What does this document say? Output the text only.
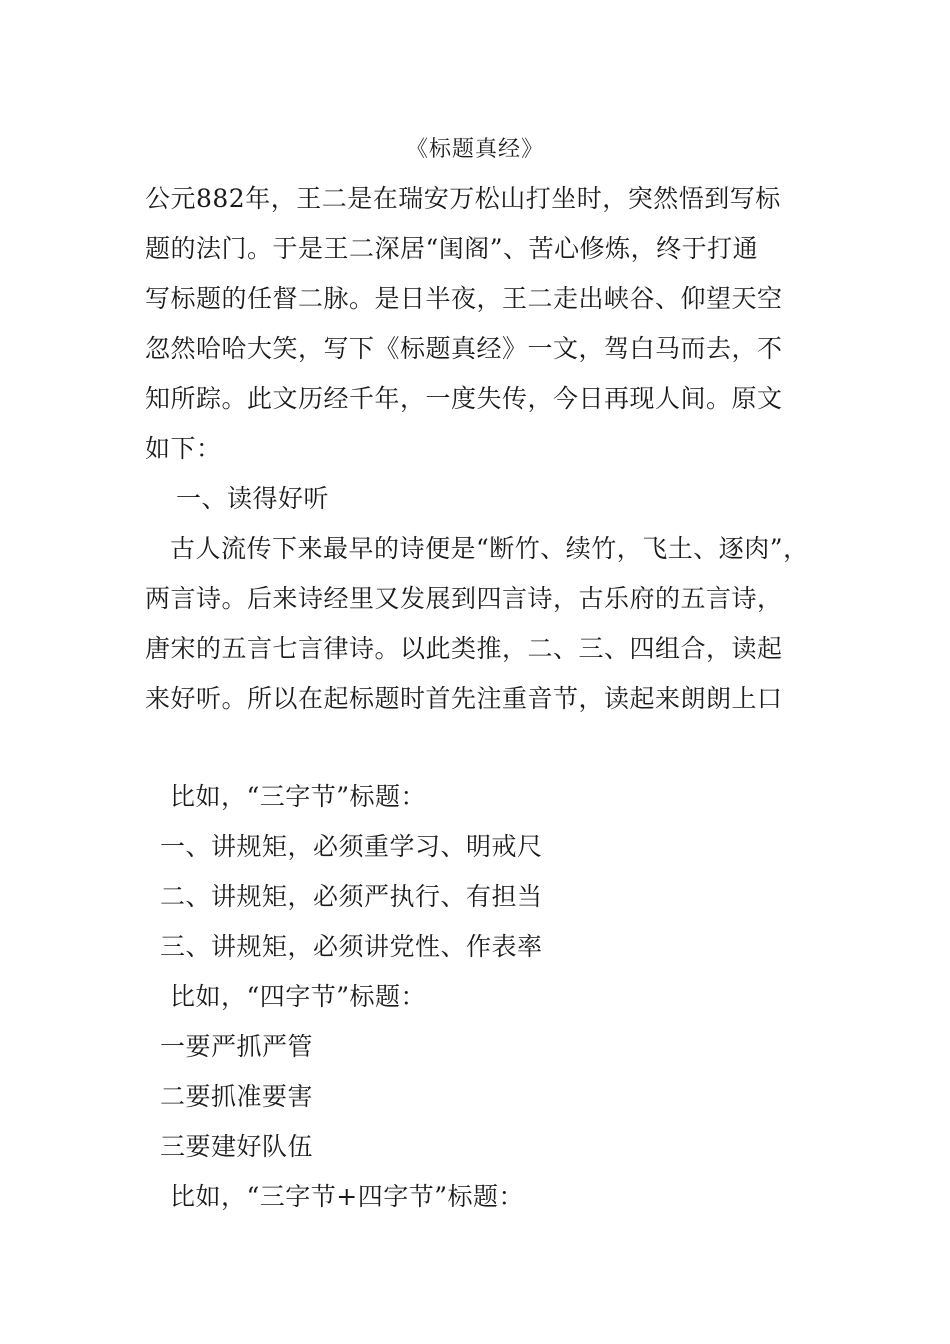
《标题真经》
公元882年，王二是在瑞安万松山打坐时，突然悟到写标
题的法门。于是王二深居“闺阁”、苦心修炼，终于打通
写标题的任督二脉。是日半夜，王二走出峡谷、仰望天空
忽然哈哈大笑，写下《标题真经》一文，驾白马而去，不
知所踪。此文历经千年，一度失传，今日再现人间。原文
如下：
一、读得好听
古人流传下来最早的诗便是“断竹、续竹，飞土、逐肉”，
两言诗。后来诗经里又发展到四言诗，古乐府的五言诗，
唐宋的五言七言律诗。以此类推，二、三、四组合，读起
来好听。所以在起标题时首先注重音节，读起来朗朗上口
比如，“三字节”标题：
一、讲规矩，必须重学习、明戒尺
二、讲规矩，必须严执行、有担当
三、讲规矩，必须讲党性、作表率
比如，“四字节”标题：
一要严抓严管
二要抓准要害
三要建好队伍
比如，“三字节+四字节”标题：
